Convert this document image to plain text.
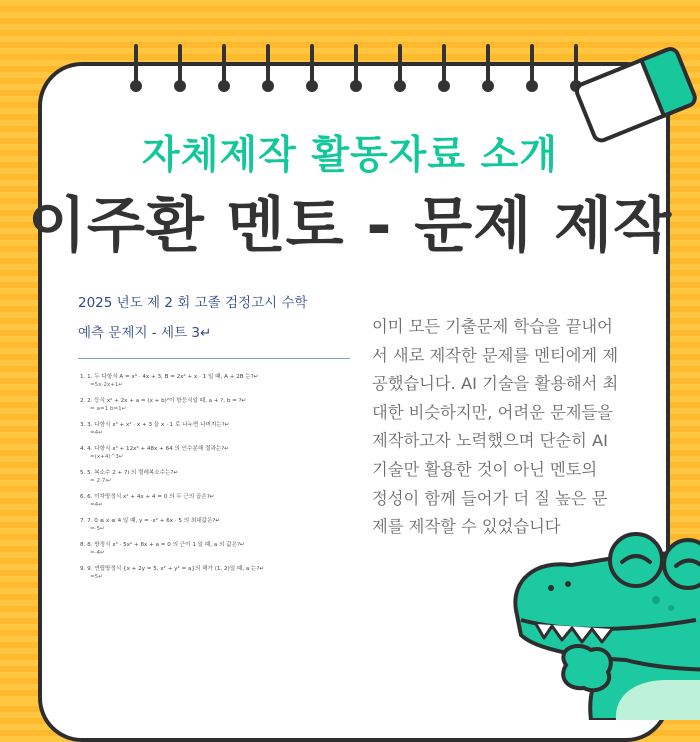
자체제작 활동자료 소개
이주환 멘토 - 문제 제작

2025 년도 제 2 회 고졸 검정고시 수학

예측 문제지 - 세트 3↵

1. 1. 두 다항식 A = x³ · 4x + 3, B = 2x² + x · 1 일 때, A + 2B 는?↵
=5x·2x+1↵
2. 2. 등식 x² + 2x + a = (x + b)²이 항등식일 때, a + ?, b = ?↵
= a=1 b=1↵
3. 3. 다항식 x³ + x² · x + 3 을 x · 1 로 나누면 나머지는?↵
=4↵
4. 4. 다항식 x³ + 12x² + 48x + 64 의 인수분해 결과는?↵
=(x+4)^3↵
5. 5. 복소수 2 + 7i 의 켤레복소수는?↵
= 2·7i↵
6. 6. 이차방정식 x² + 4x + 4 = 0 의 두 근의 곱은?↵
=4↵
7. 7. 0 ≤ x ≤ 4 일 때, y = ·x² + 6x · 5 의 최대값은?↵
=·5↵
8. 8. 방정식 x³ · 5x² + 8x + a = 0 의 근이 1 일 때, a 의 값은?↵
=·4↵
9. 9. 연립방정식 {x + 2y = 5, x² + y² = a}의 해가 (1, 2)일 때, a 는?↵
=5↵
이미 모든 기출문제 학습을 끝내어
서 새로 제작한 문제를 멘티에게 제
공했습니다. AI 기술을 활용해서 최
대한 비슷하지만, 어려운 문제들을
제작하고자 노력했으며 단순히 AI
기술만 활용한 것이 아닌 멘토의
정성이 함께 들어가 더 질 높은 문
제를 제작할 수 있었습니다
